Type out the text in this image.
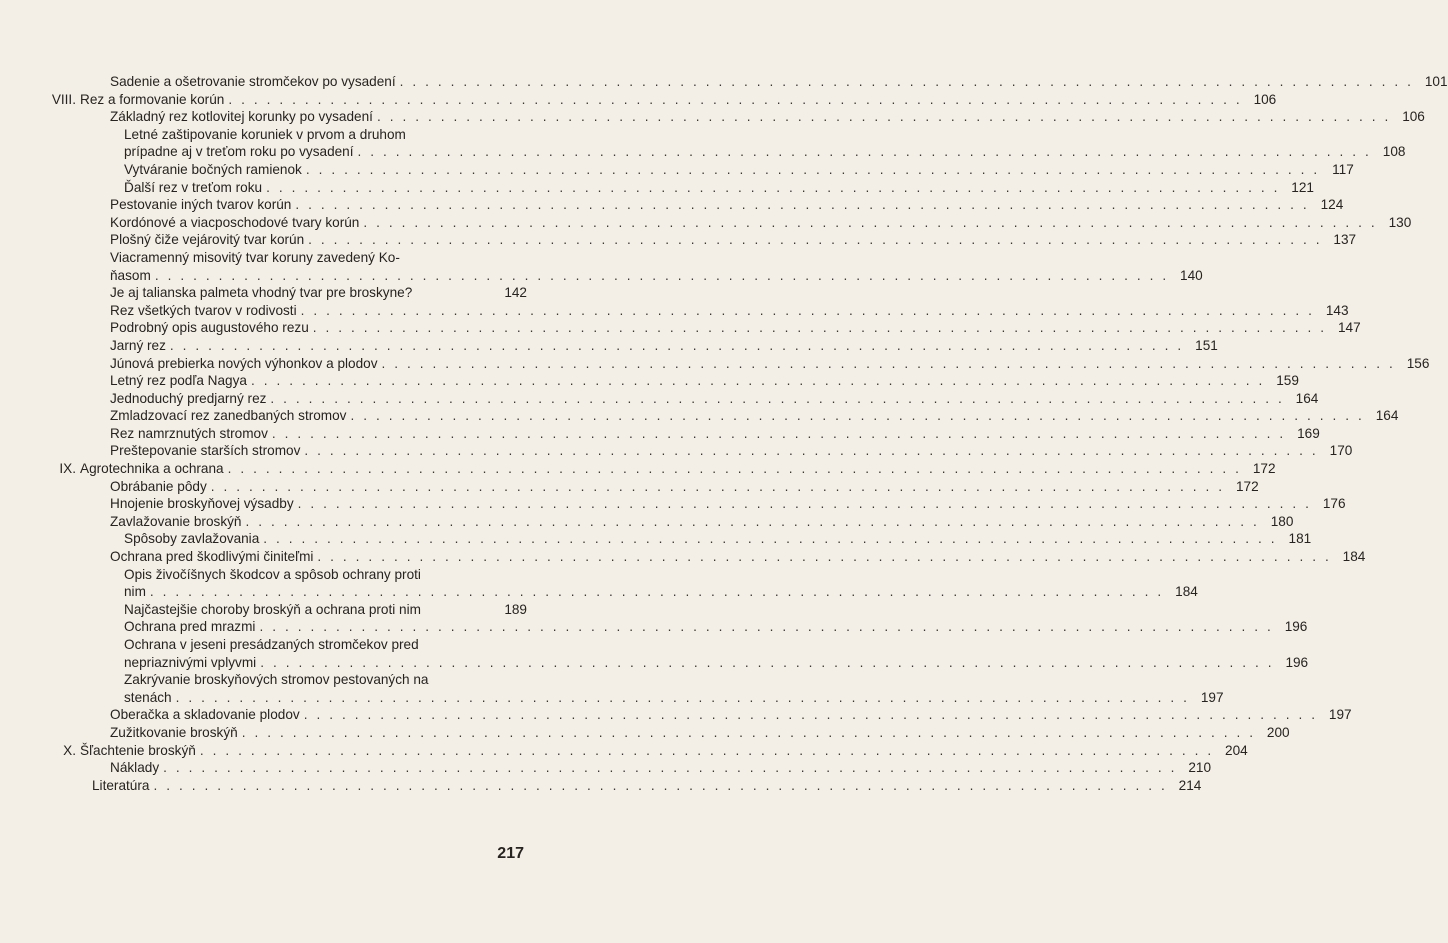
Sadenie a ošetrovanie stromčekov po vysadení . . . . . . . . . . . . . . . . . . . . . . . . . . . . . . . . . . . . . . . . . . . . . . . . . . . . . . . . . . . . . . . . . . . . . . . . . . . . . . . . 101
VIII. Rez a formovanie korún . . . . . . . . . . . . . . . . . . . . . . . . . . . . . . . . . . . . . . . . . . . . . . . . . . . . . . . . . . . . . . . . . . . . . . . . . . . . . . . . 106
Základný rez kotlovitej korunky po vysadení . . . . . . . . . . . . . . . . . . . . . . . . . . . . . . . . . . . . . . . . . . . . . . . . . . . . . . . . . . . . . . . . . . . . . . . . . . . . . . . . 106
Letné zaštipovanie koruniek v prvom a druhom
prípadne aj v treťom roku po vysadení . . . . . . . . . . . . . . . . . . . . . . . . . . . . . . . . . . . . . . . . . . . . . . . . . . . . . . . . . . . . . . . . . . . . . . . . . . . . . . . . 108
Vytváranie bočných ramienok . . . . . . . . . . . . . . . . . . . . . . . . . . . . . . . . . . . . . . . . . . . . . . . . . . . . . . . . . . . . . . . . . . . . . . . . . . . . . . . . 117
Ďalší rez v treťom roku . . . . . . . . . . . . . . . . . . . . . . . . . . . . . . . . . . . . . . . . . . . . . . . . . . . . . . . . . . . . . . . . . . . . . . . . . . . . . . . . 121
Pestovanie iných tvarov korún . . . . . . . . . . . . . . . . . . . . . . . . . . . . . . . . . . . . . . . . . . . . . . . . . . . . . . . . . . . . . . . . . . . . . . . . . . . . . . . . 124
Kordónové a viacposchodové tvary korún . . . . . . . . . . . . . . . . . . . . . . . . . . . . . . . . . . . . . . . . . . . . . . . . . . . . . . . . . . . . . . . . . . . . . . . . . . . . . . . . 130
Plošný čiže vejárovitý tvar korún . . . . . . . . . . . . . . . . . . . . . . . . . . . . . . . . . . . . . . . . . . . . . . . . . . . . . . . . . . . . . . . . . . . . . . . . . . . . . . . . 137
Viacramenný misovitý tvar koruny zavedený Ko-
ňasom . . . . . . . . . . . . . . . . . . . . . . . . . . . . . . . . . . . . . . . . . . . . . . . . . . . . . . . . . . . . . . . . . . . . . . . . . . . . . . . . 140
Je aj talianska palmeta vhodný tvar pre broskyne?	142
Rez všetkých tvarov v rodivosti . . . . . . . . . . . . . . . . . . . . . . . . . . . . . . . . . . . . . . . . . . . . . . . . . . . . . . . . . . . . . . . . . . . . . . . . . . . . . . . . 143
Podrobný opis augustového rezu . . . . . . . . . . . . . . . . . . . . . . . . . . . . . . . . . . . . . . . . . . . . . . . . . . . . . . . . . . . . . . . . . . . . . . . . . . . . . . . . 147
Jarný rez . . . . . . . . . . . . . . . . . . . . . . . . . . . . . . . . . . . . . . . . . . . . . . . . . . . . . . . . . . . . . . . . . . . . . . . . . . . . . . . . 151
Júnová prebierka nových výhonkov a plodov . . . . . . . . . . . . . . . . . . . . . . . . . . . . . . . . . . . . . . . . . . . . . . . . . . . . . . . . . . . . . . . . . . . . . . . . . . . . . . . . 156
Letný rez podľa Nagya . . . . . . . . . . . . . . . . . . . . . . . . . . . . . . . . . . . . . . . . . . . . . . . . . . . . . . . . . . . . . . . . . . . . . . . . . . . . . . . . 159
Jednoduchý predjarný rez . . . . . . . . . . . . . . . . . . . . . . . . . . . . . . . . . . . . . . . . . . . . . . . . . . . . . . . . . . . . . . . . . . . . . . . . . . . . . . . . 164
Zmladzovací rez zanedbaných stromov . . . . . . . . . . . . . . . . . . . . . . . . . . . . . . . . . . . . . . . . . . . . . . . . . . . . . . . . . . . . . . . . . . . . . . . . . . . . . . . . 164
Rez namrznutých stromov . . . . . . . . . . . . . . . . . . . . . . . . . . . . . . . . . . . . . . . . . . . . . . . . . . . . . . . . . . . . . . . . . . . . . . . . . . . . . . . . 169
Preštepovanie starších stromov . . . . . . . . . . . . . . . . . . . . . . . . . . . . . . . . . . . . . . . . . . . . . . . . . . . . . . . . . . . . . . . . . . . . . . . . . . . . . . . . 170
IX. Agrotechnika a ochrana . . . . . . . . . . . . . . . . . . . . . . . . . . . . . . . . . . . . . . . . . . . . . . . . . . . . . . . . . . . . . . . . . . . . . . . . . . . . . . . . 172
Obrábanie pôdy . . . . . . . . . . . . . . . . . . . . . . . . . . . . . . . . . . . . . . . . . . . . . . . . . . . . . . . . . . . . . . . . . . . . . . . . . . . . . . . . 172
Hnojenie broskyňovej výsadby . . . . . . . . . . . . . . . . . . . . . . . . . . . . . . . . . . . . . . . . . . . . . . . . . . . . . . . . . . . . . . . . . . . . . . . . . . . . . . . . 176
Zavlažovanie broskýň . . . . . . . . . . . . . . . . . . . . . . . . . . . . . . . . . . . . . . . . . . . . . . . . . . . . . . . . . . . . . . . . . . . . . . . . . . . . . . . . 180
Spôsoby zavlažovania . . . . . . . . . . . . . . . . . . . . . . . . . . . . . . . . . . . . . . . . . . . . . . . . . . . . . . . . . . . . . . . . . . . . . . . . . . . . . . . . 181
Ochrana pred škodlivými činiteľmi . . . . . . . . . . . . . . . . . . . . . . . . . . . . . . . . . . . . . . . . . . . . . . . . . . . . . . . . . . . . . . . . . . . . . . . . . . . . . . . . 184
Opis živočíšnych škodcov a spôsob ochrany proti
nim . . . . . . . . . . . . . . . . . . . . . . . . . . . . . . . . . . . . . . . . . . . . . . . . . . . . . . . . . . . . . . . . . . . . . . . . . . . . . . . . 184
Najčastejšie choroby broskýň a ochrana proti nim	189
Ochrana pred mrazmi . . . . . . . . . . . . . . . . . . . . . . . . . . . . . . . . . . . . . . . . . . . . . . . . . . . . . . . . . . . . . . . . . . . . . . . . . . . . . . . . 196
Ochrana v jeseni presádzaných stromčekov pred
nepriaznivými vplyvmi . . . . . . . . . . . . . . . . . . . . . . . . . . . . . . . . . . . . . . . . . . . . . . . . . . . . . . . . . . . . . . . . . . . . . . . . . . . . . . . . 196
Zakrývanie broskyňových stromov pestovaných na
stenách . . . . . . . . . . . . . . . . . . . . . . . . . . . . . . . . . . . . . . . . . . . . . . . . . . . . . . . . . . . . . . . . . . . . . . . . . . . . . . . . 197
Oberačka a skladovanie plodov . . . . . . . . . . . . . . . . . . . . . . . . . . . . . . . . . . . . . . . . . . . . . . . . . . . . . . . . . . . . . . . . . . . . . . . . . . . . . . . . 197
Zužitkovanie broskýň . . . . . . . . . . . . . . . . . . . . . . . . . . . . . . . . . . . . . . . . . . . . . . . . . . . . . . . . . . . . . . . . . . . . . . . . . . . . . . . . 200
X. Šľachtenie broskýň . . . . . . . . . . . . . . . . . . . . . . . . . . . . . . . . . . . . . . . . . . . . . . . . . . . . . . . . . . . . . . . . . . . . . . . . . . . . . . . . 204
Náklady . . . . . . . . . . . . . . . . . . . . . . . . . . . . . . . . . . . . . . . . . . . . . . . . . . . . . . . . . . . . . . . . . . . . . . . . . . . . . . . . 210
Literatúra . . . . . . . . . . . . . . . . . . . . . . . . . . . . . . . . . . . . . . . . . . . . . . . . . . . . . . . . . . . . . . . . . . . . . . . . . . . . . . . . 214
217
